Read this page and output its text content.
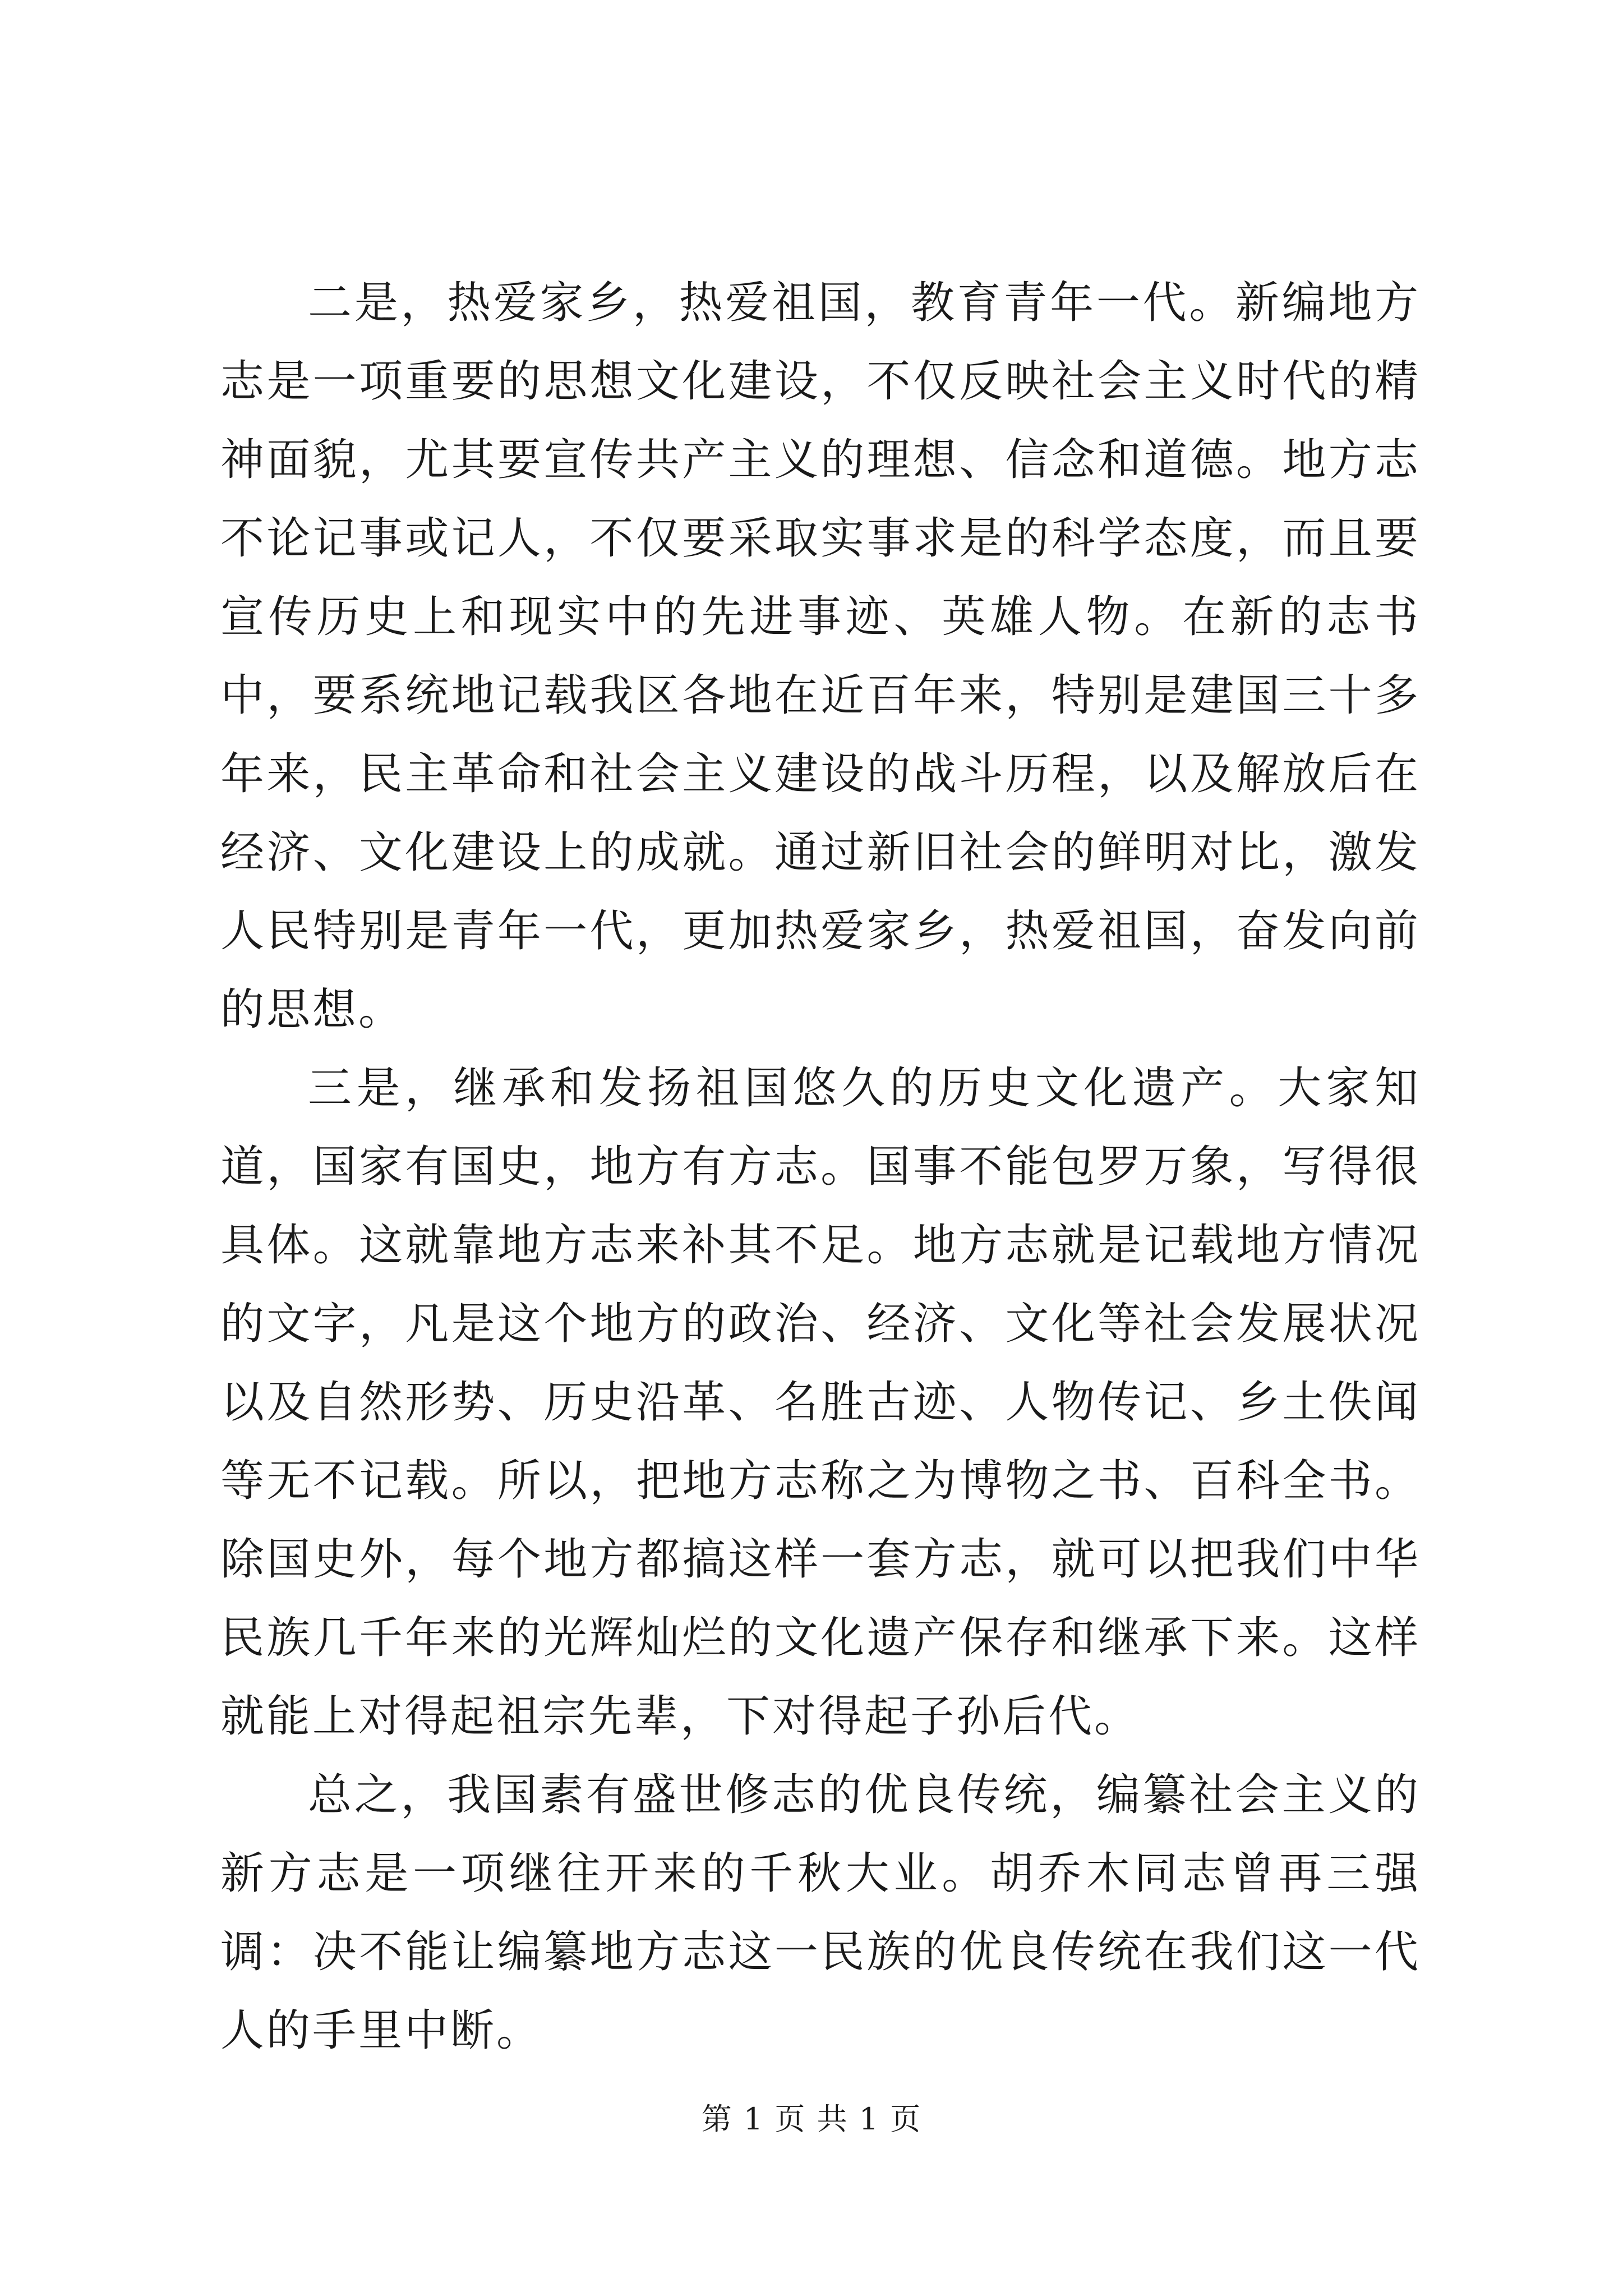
二是，热爱家乡，热爱祖国，教育青年一代。新编地方志是一项重要的思想文化建设，不仅反映社会主义时代的精神面貌，尤其要宣传共产主义的理想、信念和道德。地方志不论记事或记人，不仅要采取实事求是的科学态度，而且要宣传历史上和现实中的先进事迹、英雄人物。在新的志书中，要系统地记载我区各地在近百年来，特别是建国三十多年来，民主革命和社会主义建设的战斗历程，以及解放后在经济、文化建设上的成就。通过新旧社会的鲜明对比，激发人民特别是青年一代，更加热爱家乡，热爱祖国，奋发向前的思想。

三是，继承和发扬祖国悠久的历史文化遗产。大家知道，国家有国史，地方有方志。国事不能包罗万象，写得很具体。这就靠地方志来补其不足。地方志就是记载地方情况的文字，凡是这个地方的政治、经济、文化等社会发展状况以及自然形势、历史沿革、名胜古迹、人物传记、乡土佚闻等无不记载。所以，把地方志称之为博物之书、百科全书。除国史外，每个地方都搞这样一套方志，就可以把我们中华民族几千年来的光辉灿烂的文化遗产保存和继承下来。这样就能上对得起祖宗先辈，下对得起子孙后代。

总之，我国素有盛世修志的优良传统，编纂社会主义的新方志是一项继往开来的千秋大业。胡乔木同志曾再三强调：决不能让编纂地方志这一民族的优良传统在我们这一代人的手里中断。

第 1 页 共 1 页
